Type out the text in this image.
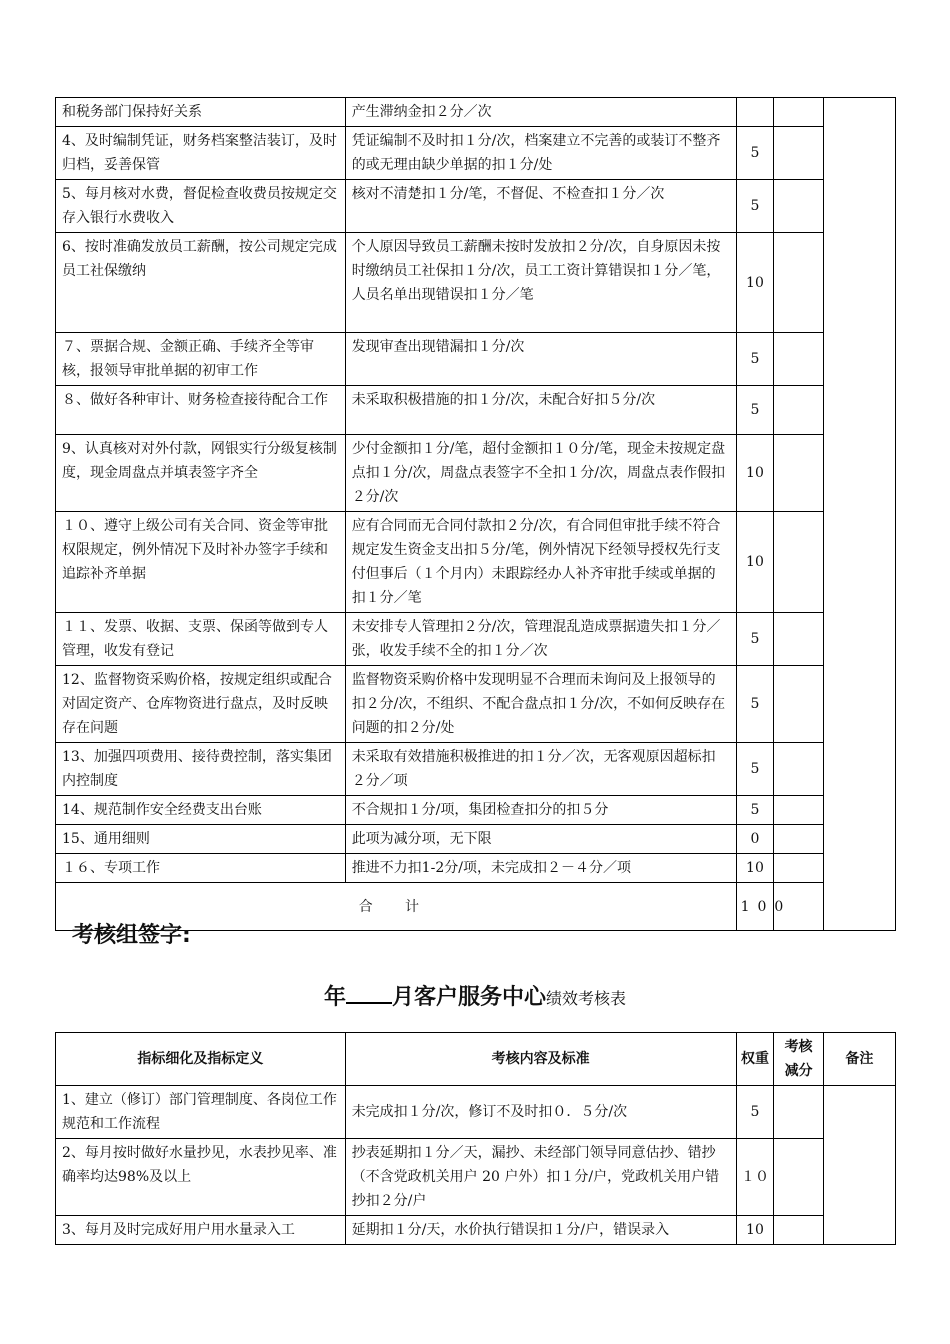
和税务部门保持好关系	产生滞纳金扣２分／次			
4、及时编制凭证，财务档案整洁装订，及时归档，妥善保管	凭证编制不及时扣１分/次，档案建立不完善的或装订不整齐的或无理由缺少单据的扣１分/处	5		
5、每月核对水费，督促检查收费员按规定交存入银行水费收入	核对不清楚扣１分/笔，不督促、不检查扣１分／次	5		
6、按时准确发放员工薪酬，按公司规定完成员工社保缴纳	个人原因导致员工薪酬未按时发放扣２分/次，自身原因未按时缴纳员工社保扣１分/次，员工工资计算错误扣１分／笔，人员名单出现错误扣１分／笔	10		
７、票据合规、金额正确、手续齐全等审核，报领导审批单据的初审工作	发现审查出现错漏扣１分/次	5		
８、做好各种审计、财务检查接待配合工作	未采取积极措施的扣１分/次，未配合好扣５分/次	5		
9、认真核对对外付款，网银实行分级复核制度，现金周盘点并填表签字齐全	少付金额扣１分/笔，超付金额扣１０分/笔，现金未按规定盘点扣１分/次，周盘点表签字不全扣１分/次，周盘点表作假扣２分/次	10		
１０、遵守上级公司有关合同、资金等审批权限规定，例外情况下及时补办签字手续和追踪补齐单据	应有合同而无合同付款扣２分/次，有合同但审批手续不符合规定发生资金支出扣５分/笔，例外情况下经领导授权先行支付但事后（１个月内）未跟踪经办人补齐审批手续或单据的扣１分／笔	10		
１１、发票、收据、支票、保函等做到专人管理，收发有登记	未安排专人管理扣２分/次，管理混乱造成票据遗失扣１分／张，收发手续不全的扣１分／次	5		
12、监督物资采购价格，按规定组织或配合对固定资产、仓库物资进行盘点，及时反映存在问题	监督物资采购价格中发现明显不合理而未询问及上报领导的扣２分/次，不组织、不配合盘点扣１分/次，不如何反映存在问题的扣２分/处	5		
13、加强四项费用、接待费控制，落实集团内控制度	未采取有效措施积极推进的扣１分／次，无客观原因超标扣２分／项	5		
14、规范制作安全经费支出台账	不合规扣１分/项，集团检查扣分的扣５分	5		
15、通用细则	此项为减分项，无下限	0		
１６、专项工作	推进不力扣1-2分/项，未完成扣２－４分／项	10		
合 计		100		
考核组签字:
年 月客户服务中心绩效考核表
指标细化及指标定义	考核内容及标准	权重	考核减分	备注
1、建立（修订）部门管理制度、各岗位工作规范和工作流程	未完成扣１分/次，修订不及时扣０．５分/次	5		
2、每月按时做好水量抄见，水表抄见率、准确率均达98%及以上	抄表延期扣１分／天，漏抄、未经部门领导同意估抄、错抄（不含党政机关用户 20 户外）扣１分/户，党政机关用户错抄扣２分/户	１０		
3、每月及时完成好用户用水量录入工	延期扣１分/天，水价执行错误扣１分/户，错误录入	10		
